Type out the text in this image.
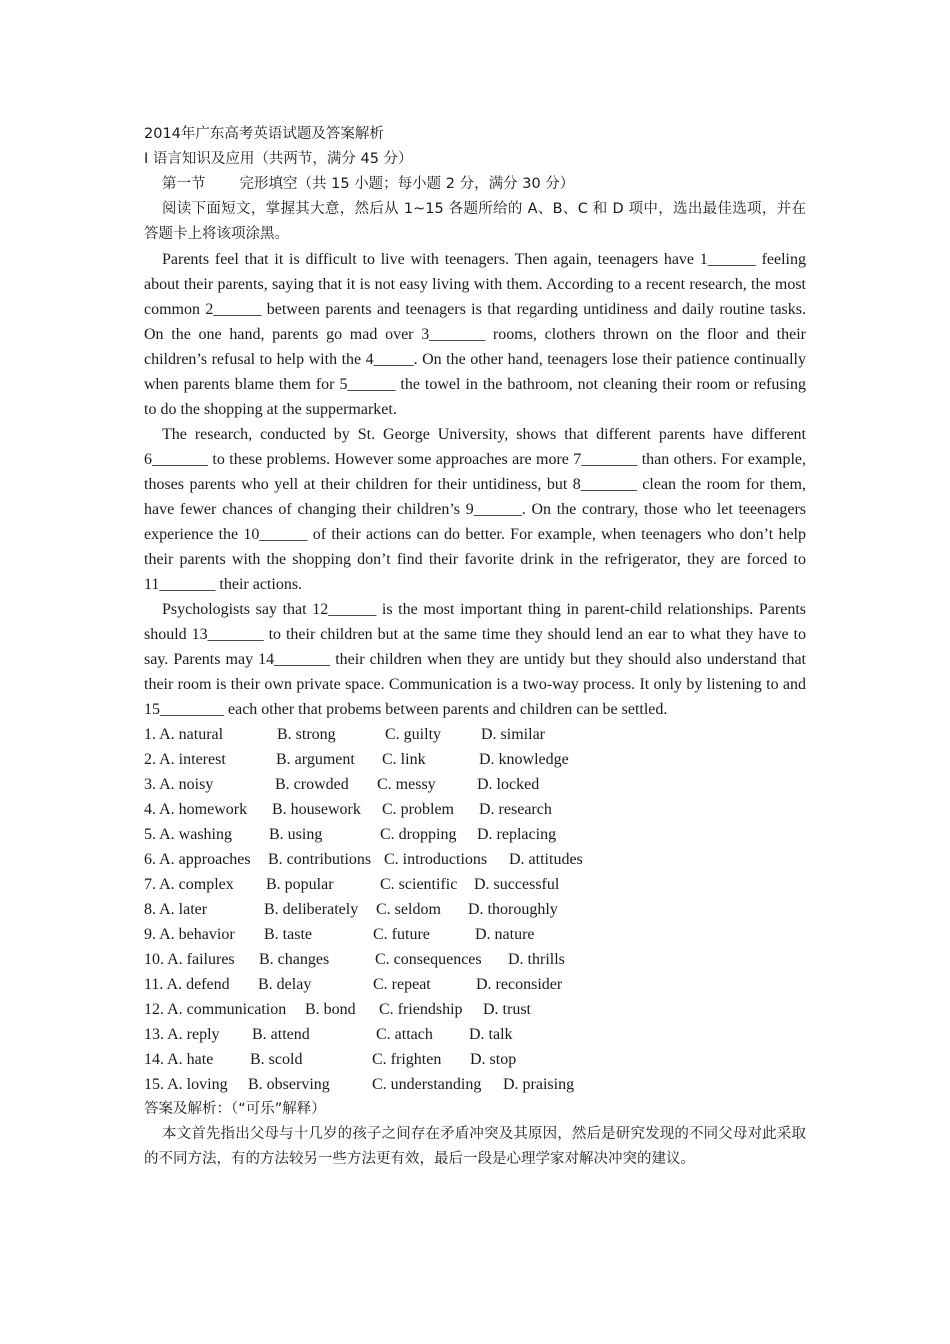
2014年广东高考英语试题及答案解析
I 语言知识及应用（共两节，满分 45 分）
第一节 完形填空（共 15 小题；每小题 2 分，满分 30 分）

阅读下面短文，掌握其大意，然后从 1~15 各题所给的 A、B、C 和 D 项中，选出最佳选项，并在答题卡上将该项涂黑。

Parents feel that it is difficult to live with teenagers. Then again, teenagers have 1______ feeling about their parents, saying that it is not easy living with them. According to a recent research, the most common 2______ between parents and teenagers is that regarding untidiness and daily routine tasks. On the one hand, parents go mad over 3_______ rooms, clothers thrown on the floor and their children’s refusal to help with the 4_____. On the other hand, teenagers lose their patience continually when parents blame them for 5______ the towel in the bathroom, not cleaning their room or refusing to do the shopping at the suppermarket.

The research, conducted by St. George University, shows that different parents have different 6_______ to these problems. However some approaches are more 7_______ than others. For example, thoses parents who yell at their children for their untidiness, but 8_______ clean the room for them, have fewer chances of changing their children’s 9______. On the contrary, those who let teeenagers experience the 10______ of their actions can do better. For example, when teenagers who don’t help their parents with the shopping don’t find their favorite drink in the refrigerator, they are forced to 11_______ their actions.

Psychologists say that 12______ is the most important thing in parent-child relationships. Parents should 13_______ to their children but at the same time they should lend an ear to what they have to say. Parents may 14_______ their children when they are untidy but they should also understand that their room is their own private space. Communication is a two-way process. It only by listening to and 15________ each other that probems between parents and children can be settled.

1. A. natural	B. strong	C. guilty D. similar
2. A. interest	B. argument C. link	D. knowledge
3. A. noisy	B. crowded C. messy	D. locked
4. A. homework B. housework C. problem D. research
5. A. washing B. using	C. dropping D. replacing
6. A. approaches B. contributions C. introductions D. attitudes
7. A. complex B. popular	C. scientific D. successful
8. A. later	B. deliberately C. seldom D. thoroughly
9. A. behavior B. taste	C. future	D. nature
10. A. failures B. changes	C. consequences D. thrills
11. A. defend B. delay	C. repeat	D. reconsider
12. A. communication B. bond C. friendship D. trust
13. A. reply B. attend	C. attach D. talk
14. A. hate B. scold	C. frighten D. stop
15. A. loving B. observing	C. understanding D. praising
答案及解析：（“可乐”解释）

本文首先指出父母与十几岁的孩子之间存在矛盾冲突及其原因，然后是研究发现的不同父母对此采取的不同方法，有的方法较另一些方法更有效，最后一段是心理学家对解决冲突的建议。
